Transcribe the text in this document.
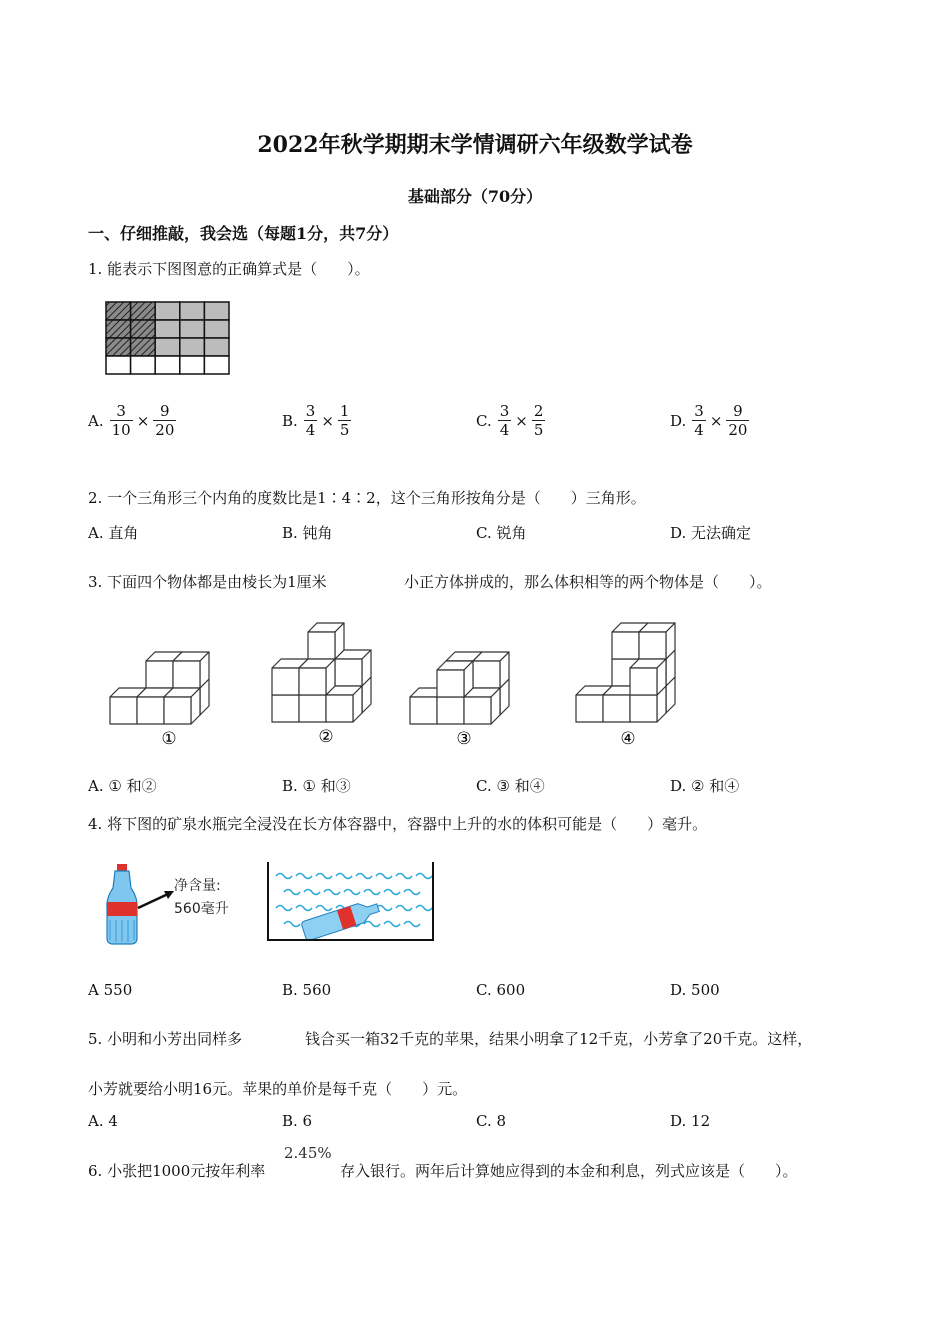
2022年秋学期期末学情调研六年级数学试卷
基础部分（70分）
一、仔细推敲，我会选（每题1分，共7分）
1. 能表示下图图意的正确算式是（　　）。
A. $\frac{3}{10} \times \frac{9}{20}$	B. $\frac{3}{4} \times \frac{1}{5}$	C. $\frac{3}{4} \times \frac{2}{5}$	D. $\frac{3}{4} \times \frac{9}{20}$
2. 一个三角形三个内角的度数比是1∶4∶2，这个三角形按角分是（　　）三角形。
A. 直角	B. 钝角	C. 锐角	D. 无法确定
3. 下面四个物体都是由棱长为1厘米	小正方体拼成的，那么体积相等的两个物体是（　　）。
①	②	③	④
A. ① 和②	B. ① 和③	C. ③ 和④	D. ② 和④
4. 将下图的矿泉水瓶完全浸没在长方体容器中，容器中上升的水的体积可能是（　　）毫升。
净含量:
560毫升
A 550	B. 560	C. 600	D. 500
5. 小明和小芳出同样多	钱合买一箱32千克的苹果，结果小明拿了12千克，小芳拿了20千克。这样，
小芳就要给小明16元。苹果的单价是每千克（　　）元。
A. 4	B. 6	C. 8	D. 12
6. 小张把1000元按年利率
2.45%
存入银行。两年后计算她应得到的本金和利息，列式应该是（　　）。
